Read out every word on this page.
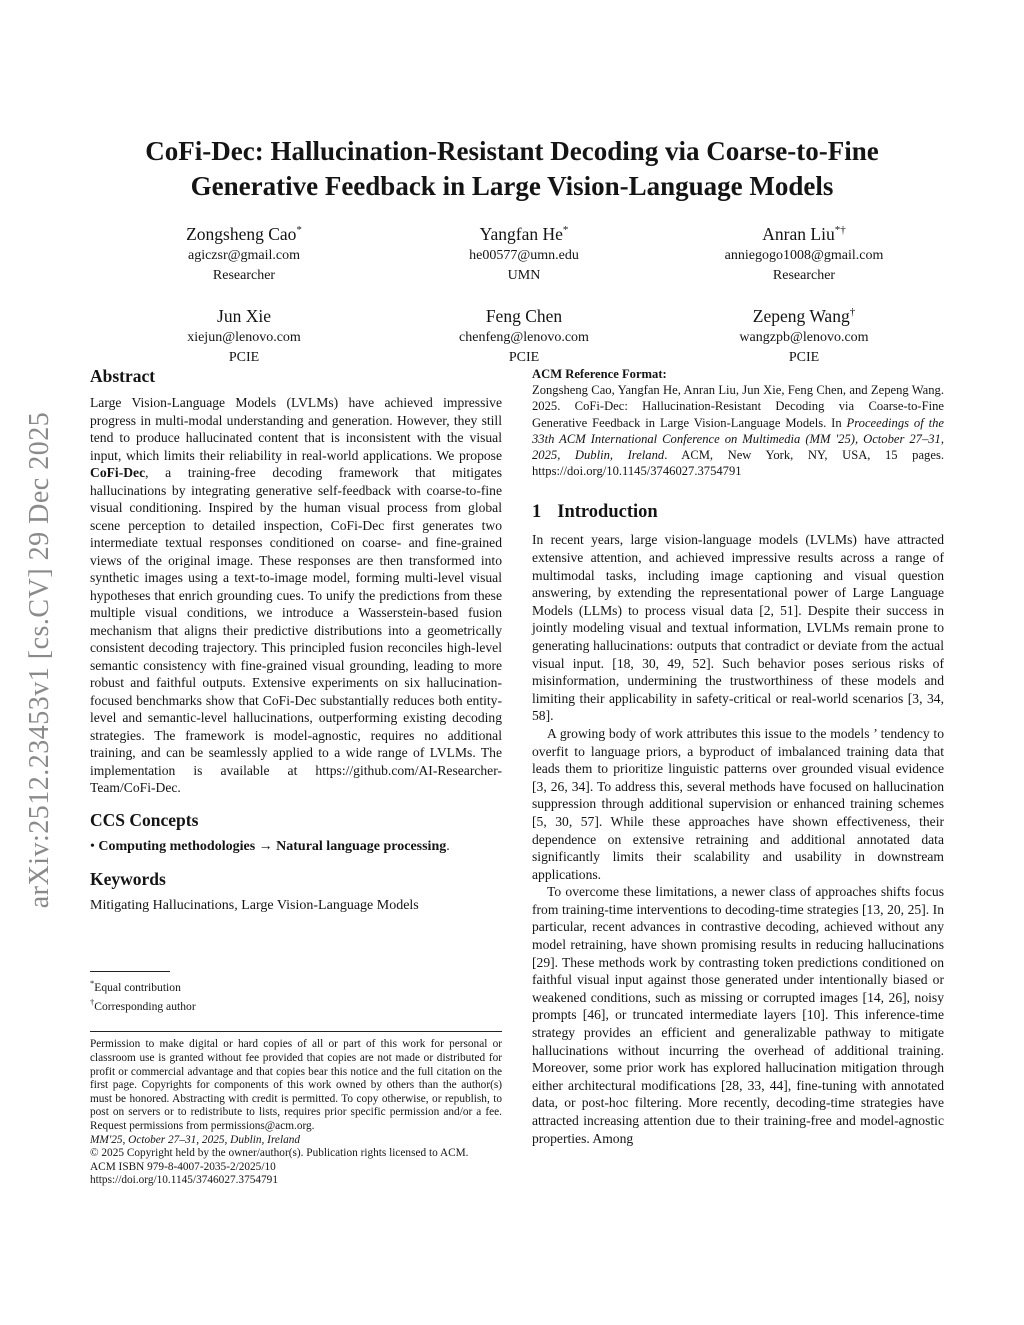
arXiv:2512.23453v1 [cs.CV] 29 Dec 2025
CoFi-Dec: Hallucination-Resistant Decoding via Coarse-to-Fine
Generative Feedback in Large Vision-Language Models
Zongsheng Cao*
agiczsr@gmail.com
Researcher
Yangfan He*
he00577@umn.edu
UMN
Anran Liu*†
anniegogo1008@gmail.com
Researcher
Jun Xie
xiejun@lenovo.com
PCIE
Feng Chen
chenfeng@lenovo.com
PCIE
Zepeng Wang†
wangzpb@lenovo.com
PCIE
Abstract

Large Vision-Language Models (LVLMs) have achieved impressive progress in multi-modal understanding and generation. However, they still tend to produce hallucinated content that is inconsistent with the visual input, which limits their reliability in real-world applications. We propose CoFi-Dec, a training-free decoding framework that mitigates hallucinations by integrating generative self-feedback with coarse-to-fine visual conditioning. Inspired by the human visual process from global scene perception to detailed inspection, CoFi-Dec first generates two intermediate textual responses conditioned on coarse- and fine-grained views of the original image. These responses are then transformed into synthetic images using a text-to-image model, forming multi-level visual hypotheses that enrich grounding cues. To unify the predictions from these multiple visual conditions, we introduce a Wasserstein-based fusion mechanism that aligns their predictive distributions into a geometrically consistent decoding trajectory. This principled fusion reconciles high-level semantic consistency with fine-grained visual grounding, leading to more robust and faithful outputs. Extensive experiments on six hallucination-focused benchmarks show that CoFi-Dec substantially reduces both entity-level and semantic-level hallucinations, outperforming existing decoding strategies. The framework is model-agnostic, requires no additional training, and can be seamlessly applied to a wide range of LVLMs. The implementation is available at https://github.com/AI-Researcher-Team/CoFi-Dec.

CCS Concepts

• Computing methodologies → Natural language processing.

Keywords

Mitigating Hallucinations, Large Vision-Language Models

*Equal contribution
†Corresponding author

Permission to make digital or hard copies of all or part of this work for personal or classroom use is granted without fee provided that copies are not made or distributed for profit or commercial advantage and that copies bear this notice and the full citation on the first page. Copyrights for components of this work owned by others than the author(s) must be honored. Abstracting with credit is permitted. To copy otherwise, or republish, to post on servers or to redistribute to lists, requires prior specific permission and/or a fee. Request permissions from permissions@acm.org.

MM'25, October 27–31, 2025, Dublin, Ireland
© 2025 Copyright held by the owner/author(s). Publication rights licensed to ACM.
ACM ISBN 979-8-4007-2035-2/2025/10
https://doi.org/10.1145/3746027.3754791

ACM Reference Format:
Zongsheng Cao, Yangfan He, Anran Liu, Jun Xie, Feng Chen, and Zepeng Wang. 2025. CoFi-Dec: Hallucination-Resistant Decoding via Coarse-to-Fine Generative Feedback in Large Vision-Language Models. In Proceedings of the 33th ACM International Conference on Multimedia (MM '25), October 27–31, 2025, Dublin, Ireland. ACM, New York, NY, USA, 15 pages. https://doi.org/10.1145/3746027.3754791

1 Introduction

In recent years, large vision-language models (LVLMs) have attracted extensive attention, and achieved impressive results across a range of multimodal tasks, including image captioning and visual question answering, by extending the representational power of Large Language Models (LLMs) to process visual data [2, 51]. Despite their success in jointly modeling visual and textual information, LVLMs remain prone to generating hallucinations: outputs that contradict or deviate from the actual visual input. [18, 30, 49, 52]. Such behavior poses serious risks of misinformation, undermining the trustworthiness of these models and limiting their applicability in safety-critical or real-world scenarios [3, 34, 58].

A growing body of work attributes this issue to the models ’ tendency to overfit to language priors, a byproduct of imbalanced training data that leads them to prioritize linguistic patterns over grounded visual evidence [3, 26, 34]. To address this, several methods have focused on hallucination suppression through additional supervision or enhanced training schemes [5, 30, 57]. While these approaches have shown effectiveness, their dependence on extensive retraining and additional annotated data significantly limits their scalability and usability in downstream applications.

To overcome these limitations, a newer class of approaches shifts focus from training-time interventions to decoding-time strategies [13, 20, 25]. In particular, recent advances in contrastive decoding, achieved without any model retraining, have shown promising results in reducing hallucinations [29]. These methods work by contrasting token predictions conditioned on faithful visual input against those generated under intentionally biased or weakened conditions, such as missing or corrupted images [14, 26], noisy prompts [46], or truncated intermediate layers [10]. This inference-time strategy provides an efficient and generalizable pathway to mitigate hallucinations without incurring the overhead of additional training. Moreover, some prior work has explored hallucination mitigation through either architectural modifications [28, 33, 44], fine-tuning with annotated data, or post-hoc filtering. More recently, decoding-time strategies have attracted increasing attention due to their training-free and model-agnostic properties. Among
